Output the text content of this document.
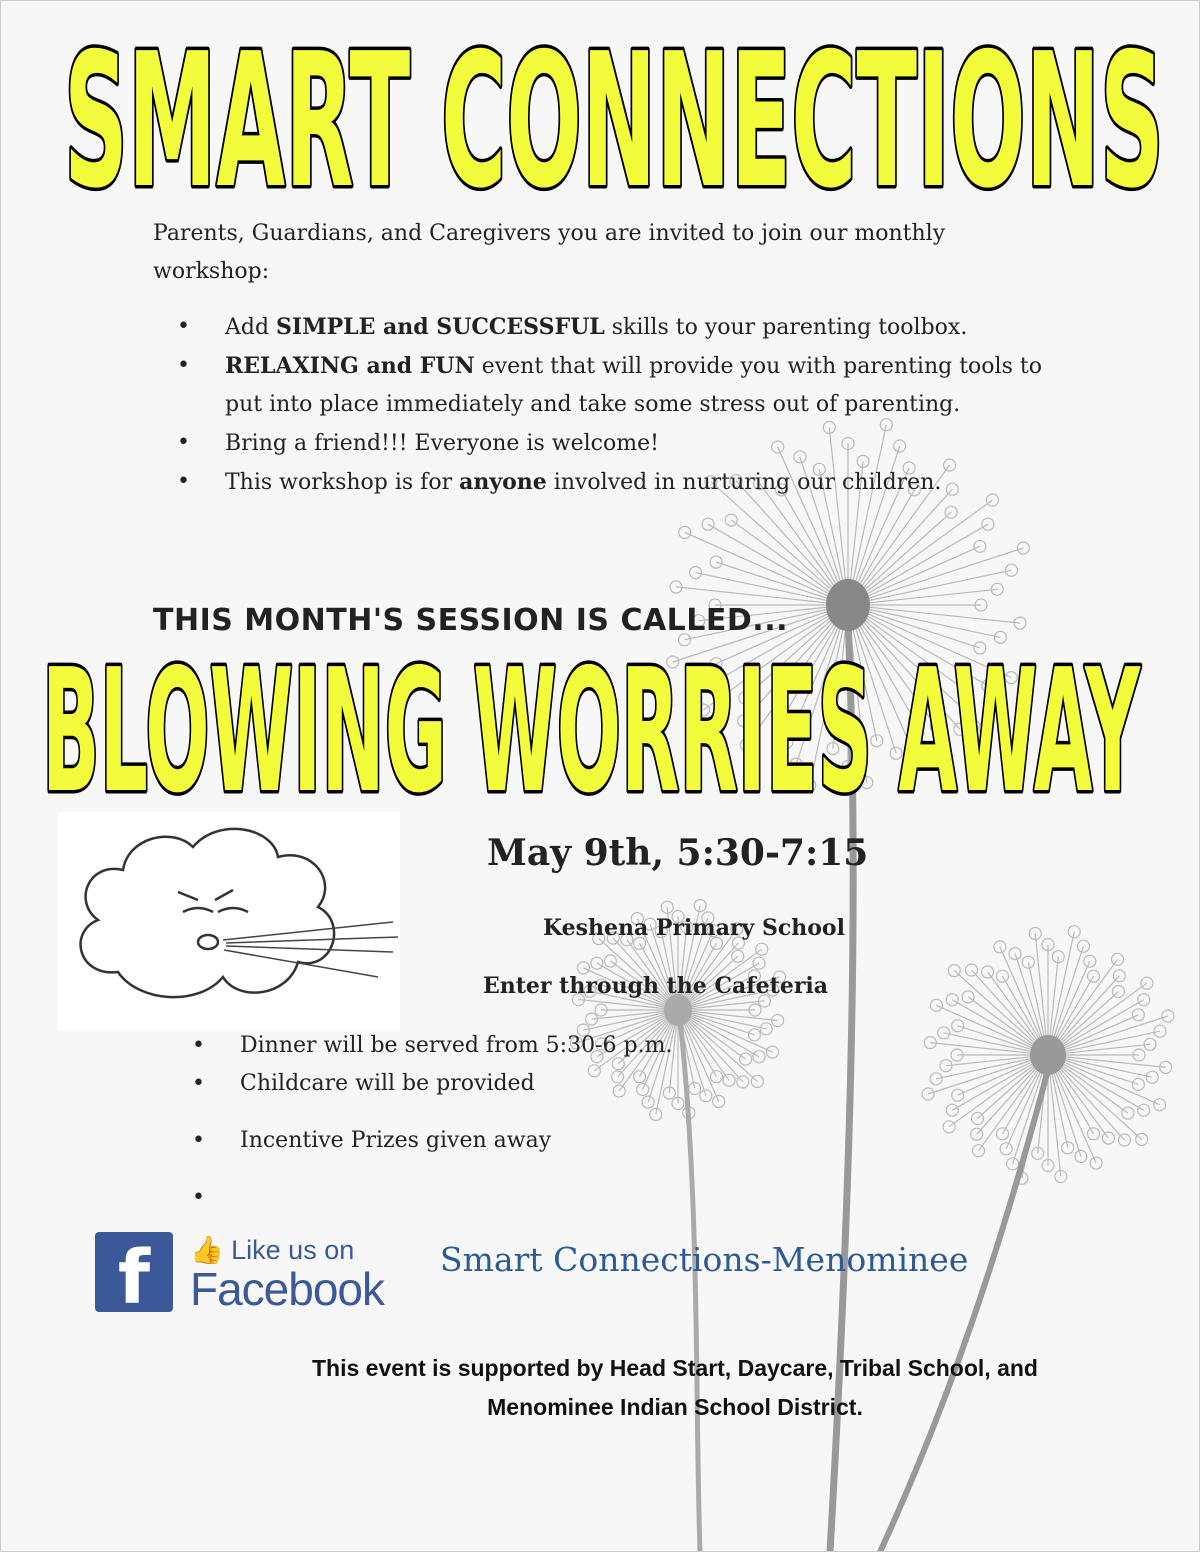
SMART CONNECTIONS
Parents, Guardians, and Caregivers you are invited to join our monthly workshop:
• Add SIMPLE and SUCCESSFUL skills to your parenting toolbox.
• RELAXING and FUN event that will provide you with parenting tools to put into place immediately and take some stress out of parenting.
• Bring a friend!!! Everyone is welcome!
• This workshop is for anyone involved in nurturing our children.
THIS MONTH'S SESSION IS CALLED...
BLOWING WORRIES AWAY
May 9th, 5:30-7:15
Keshena Primary School
Enter through the Cafeteria
• Dinner will be served from 5:30-6 p.m.
• Childcare will be provided
• Incentive Prizes given away
•

f	👍 Like us on
Facebook
Smart Connections-Menominee
This event is supported by Head Start, Daycare, Tribal School, and
Menominee Indian School District.
